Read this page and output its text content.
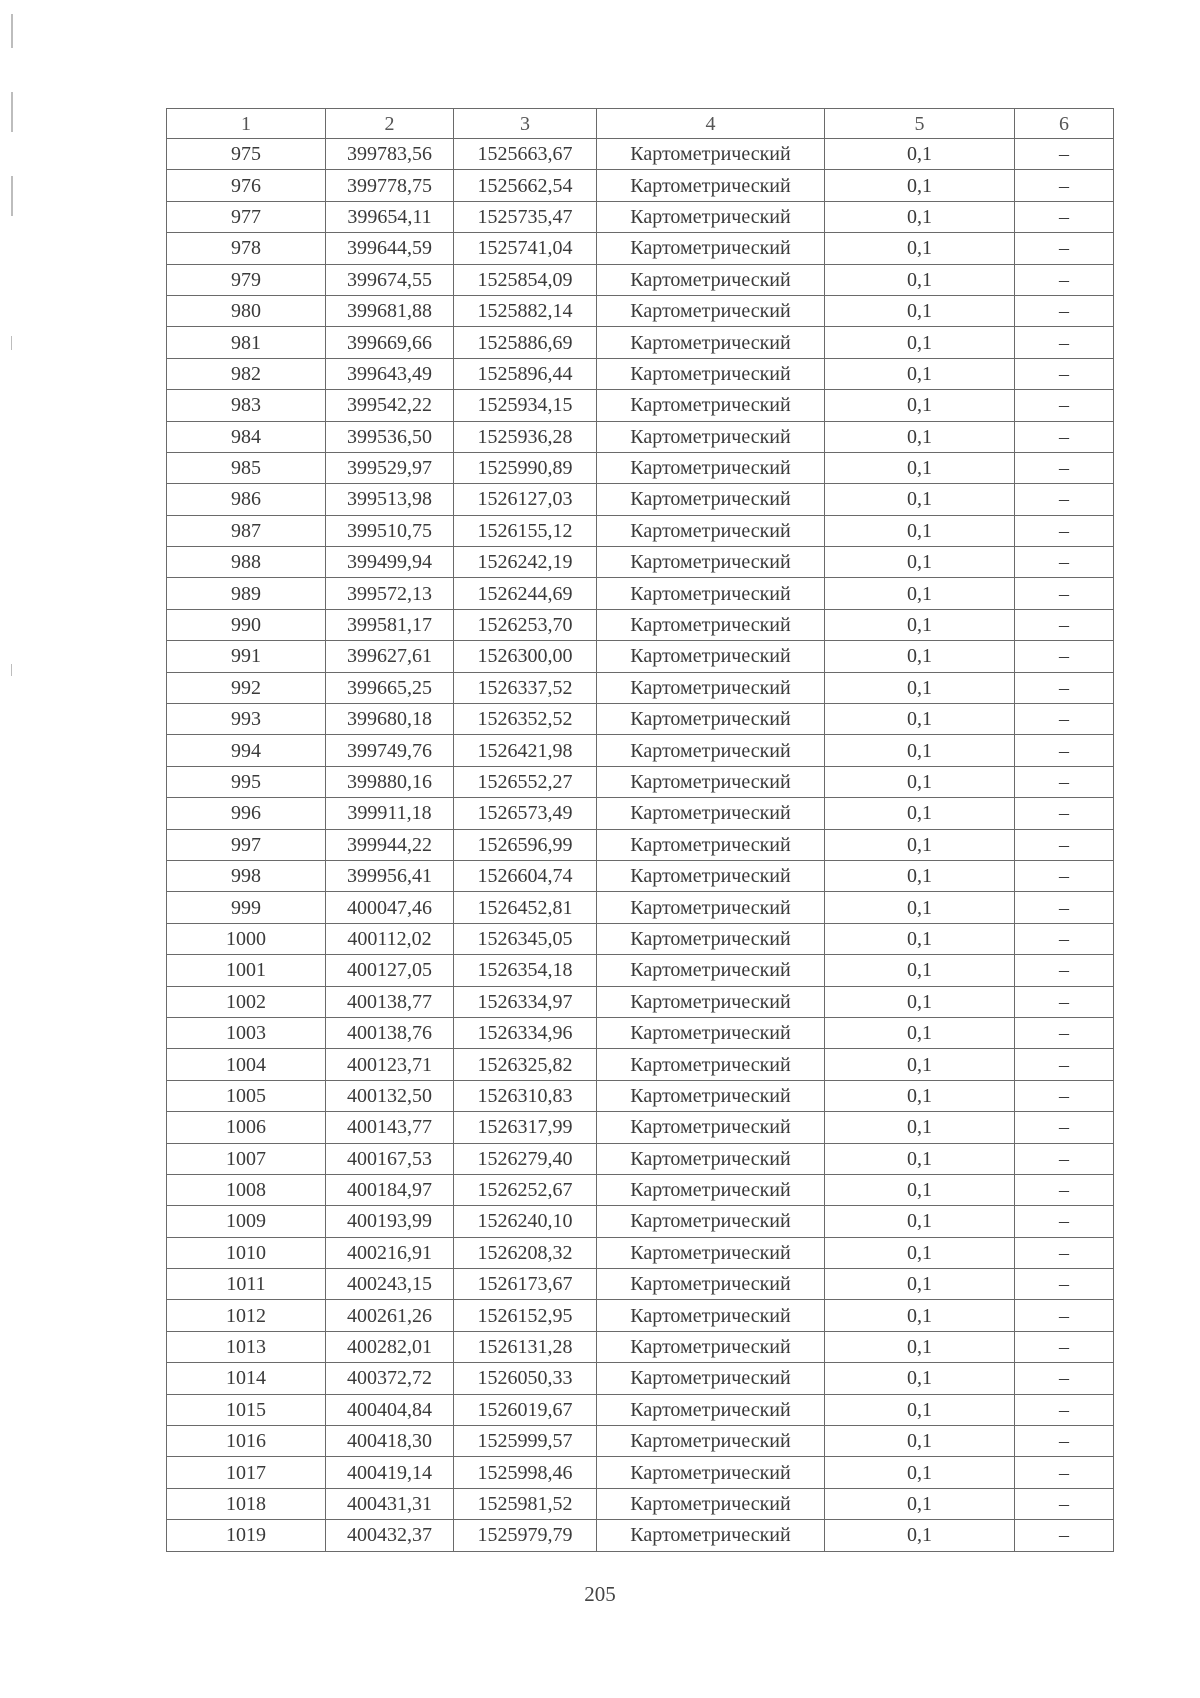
1	2	3	4	5	6
975	399783,56	1525663,67	Картометрический	0,1	–
976	399778,75	1525662,54	Картометрический	0,1	–
977	399654,11	1525735,47	Картометрический	0,1	–
978	399644,59	1525741,04	Картометрический	0,1	–
979	399674,55	1525854,09	Картометрический	0,1	–
980	399681,88	1525882,14	Картометрический	0,1	–
981	399669,66	1525886,69	Картометрический	0,1	–
982	399643,49	1525896,44	Картометрический	0,1	–
983	399542,22	1525934,15	Картометрический	0,1	–
984	399536,50	1525936,28	Картометрический	0,1	–
985	399529,97	1525990,89	Картометрический	0,1	–
986	399513,98	1526127,03	Картометрический	0,1	–
987	399510,75	1526155,12	Картометрический	0,1	–
988	399499,94	1526242,19	Картометрический	0,1	–
989	399572,13	1526244,69	Картометрический	0,1	–
990	399581,17	1526253,70	Картометрический	0,1	–
991	399627,61	1526300,00	Картометрический	0,1	–
992	399665,25	1526337,52	Картометрический	0,1	–
993	399680,18	1526352,52	Картометрический	0,1	–
994	399749,76	1526421,98	Картометрический	0,1	–
995	399880,16	1526552,27	Картометрический	0,1	–
996	399911,18	1526573,49	Картометрический	0,1	–
997	399944,22	1526596,99	Картометрический	0,1	–
998	399956,41	1526604,74	Картометрический	0,1	–
999	400047,46	1526452,81	Картометрический	0,1	–
1000	400112,02	1526345,05	Картометрический	0,1	–
1001	400127,05	1526354,18	Картометрический	0,1	–
1002	400138,77	1526334,97	Картометрический	0,1	–
1003	400138,76	1526334,96	Картометрический	0,1	–
1004	400123,71	1526325,82	Картометрический	0,1	–
1005	400132,50	1526310,83	Картометрический	0,1	–
1006	400143,77	1526317,99	Картометрический	0,1	–
1007	400167,53	1526279,40	Картометрический	0,1	–
1008	400184,97	1526252,67	Картометрический	0,1	–
1009	400193,99	1526240,10	Картометрический	0,1	–
1010	400216,91	1526208,32	Картометрический	0,1	–
1011	400243,15	1526173,67	Картометрический	0,1	–
1012	400261,26	1526152,95	Картометрический	0,1	–
1013	400282,01	1526131,28	Картометрический	0,1	–
1014	400372,72	1526050,33	Картометрический	0,1	–
1015	400404,84	1526019,67	Картометрический	0,1	–
1016	400418,30	1525999,57	Картометрический	0,1	–
1017	400419,14	1525998,46	Картометрический	0,1	–
1018	400431,31	1525981,52	Картометрический	0,1	–
1019	400432,37	1525979,79	Картометрический	0,1	–
205
